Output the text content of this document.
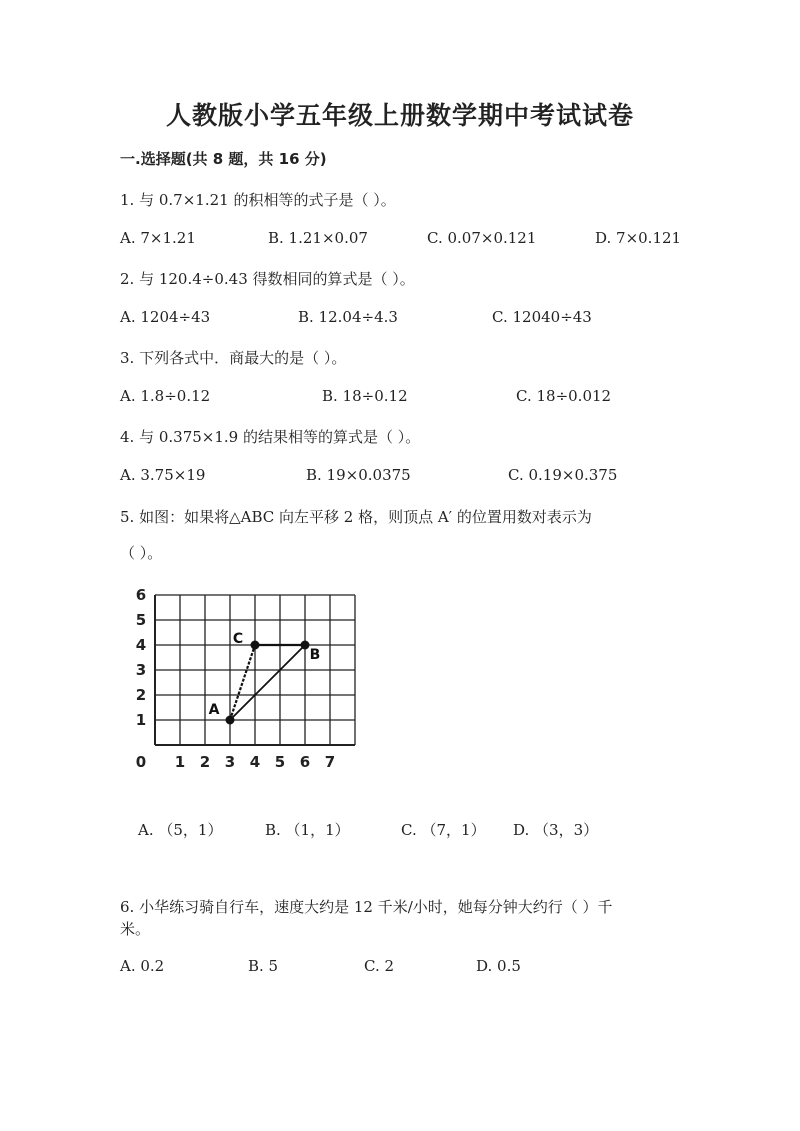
人教版小学五年级上册数学期中考试试卷
一.选择题(共 8 题，共 16 分)
1. 与 0.7×1.21 的积相等的式子是（ ）。
A. 7×1.21	B. 1.21×0.07	C. 0.07×0.121	D. 7×0.121
2. 与 120.4÷0.43 得数相同的算式是（ ）。
A. 1204÷43	B. 12.04÷4.3	C. 12040÷43
3. 下列各式中．商最大的是（ ）。
A. 1.8÷0.12	B. 18÷0.12	C. 18÷0.012
4. 与 0.375×1.9 的结果相等的算式是（ ）。
A. 3.75×19	B. 19×0.0375	C. 0.19×0.375
5. 如图：如果将△ABC 向左平移 2 格，则顶点 A′ 的位置用数对表示为
（ ）。
0 1 2 3 4 5 6 7
1
2
3
4
5
6
A
B
C
A. （5，1）	B. （1，1）	C. （7，1） D. （3，3）
6. 小华练习骑自行车，速度大约是 12 千米/小时，她每分钟大约行（ ）千
米。
A. 0.2	B. 5	C. 2	D. 0.5
